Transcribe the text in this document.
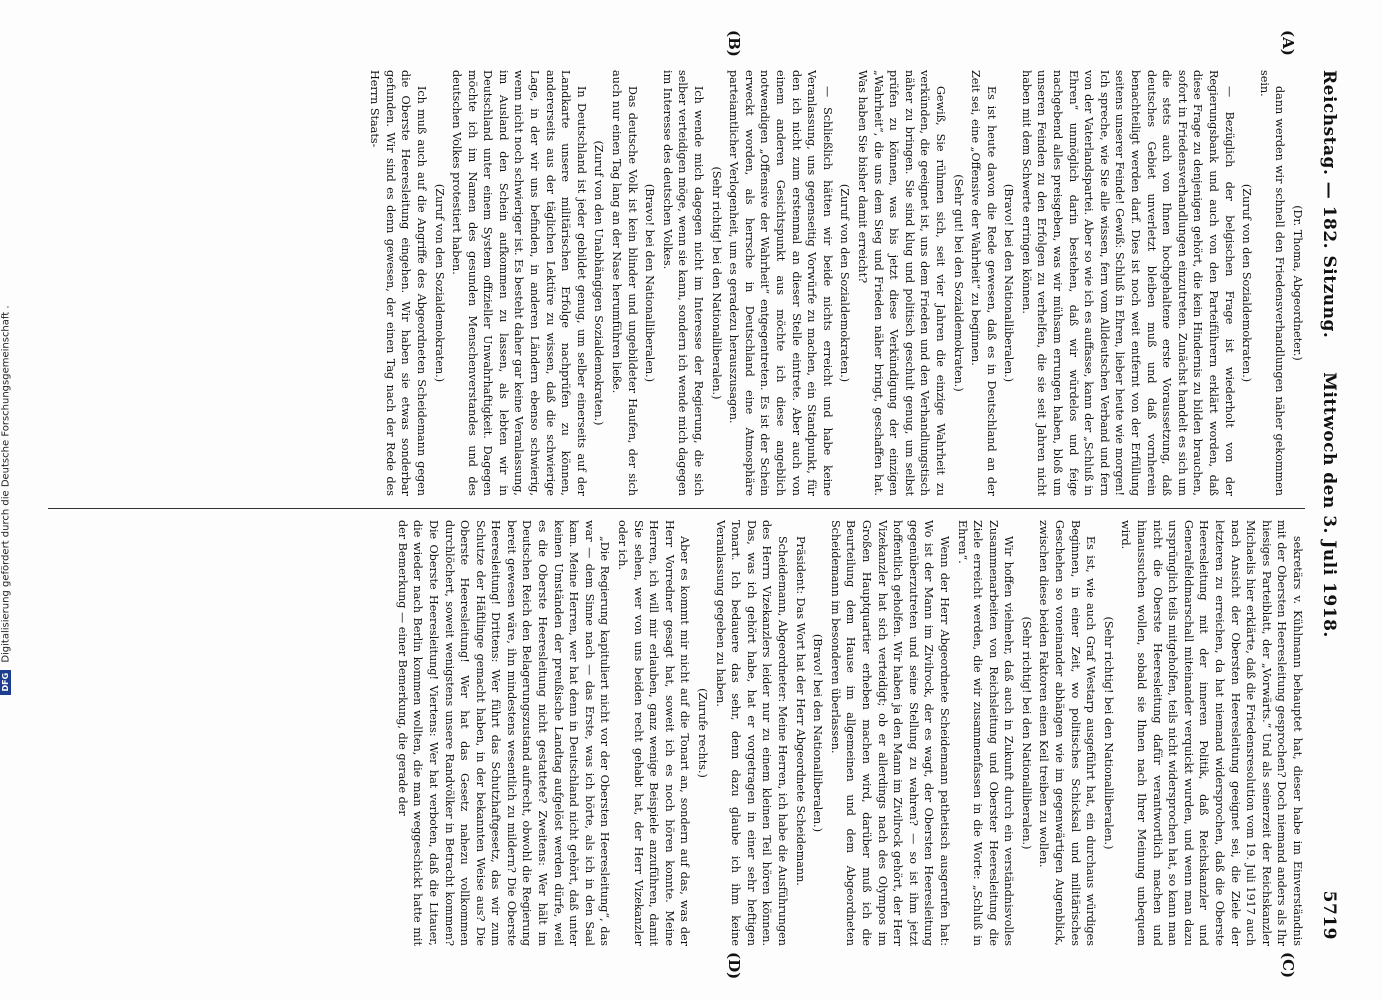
Reichstag. — 182. Sitzung.
Mittwoch den 3. Juli 1918.
5719
(A)
(B)
(C)
(D)

(Dr. Thoma, Abgeordneter.)

dann werden wir schnell den Friedensverhandlungen näher gekommen sein.

(Zuruf von den Sozialdemokraten.)

— Bezüglich der belgischen Frage ist wiederholt von der Regierungsbank und auch von den Parteiführern erklärt worden, daß diese Frage zu denjenigen gehört, die kein Hindernis zu bilden brauchen, sofort in Friedensverhandlungen einzutreten. Zunächst handelt es sich um die stets auch von Ihnen hochgehaltene erste Voraussetzung, daß deutsches Gebiet unverletzt bleiben muß und daß vornherein benachteiligt werden darf. Dies ist noch weit entfernt von der Erfüllung seitens unserer Feinde! Gewiß: Schluß in Ehren, lieber heute wie morgen! Ich spreche, wie Sie alle wissen, fern vom Alldeutschen Verband und fern von der Vaterlandspartei. Aber so wie ich es auffasse, kann der „Schluß in Ehren“ unmöglich darin bestehen, daß wir würdelos und feige nachgebend alles preisgeben, was wir mühsam errungen haben, bloß um unseren Feinden zu den Erfolgen zu verhelfen, die sie seit Jahren nicht haben mit dem Schwerte erringen können.

(Bravo! bei den Nationalliberalen.)

Es ist heute davon die Rede gewesen, daß es in Deutschland an der Zeit sei, eine „Offensive der Wahrheit“ zu beginnen.

(Sehr gut! bei den Sozialdemokraten.)

Gewiß, Sie rühmen sich, seit vier Jahren die einzige Wahrheit zu verkünden, die geeignet ist, uns dem Frieden und den Verhandlungstisch näher zu bringen. Sie sind klug und politisch geschult genug, um selbst prüfen zu können, was bis jetzt diese Verkündigung der einzigen „Wahrheit“, die uns dem Sieg und Frieden näher bringt, geschaffen hat. Was haben Sie bisher damit erreicht?

(Zuruf von den Sozialdemokraten.)

— Schließlich hätten wir beide nichts erreicht und habe keine Veranlassung, uns gegenseitig Vorwürfe zu machen, ein Standpunkt, für den ich nicht zum erstenmal an dieser Stelle eintrete. Aber auch von einem anderen Gesichtspunkt aus möchte ich diese angeblich notwendigen „Offensive der Wahrheit“ entgegentreten. Es ist der Schein erweckt worden, als herrsche in Deutschland eine Atmosphäre parteiamtlicher Verlogenheit, um es geradezu herauszusagen.

(Sehr richtig! bei den Nationalliberalen.)

Ich wende mich dagegen nicht im Interesse der Regierung, die sich selber verteidigen möge, wenn sie kann, sondern ich wende mich dagegen im Interesse des deutschen Volkes.

(Bravo! bei den Nationalliberalen.)

Das deutsche Volk ist kein blinder und ungebildeter Haufen, der sich auch nur einen Tag lang an der Nase herumführen ließe.

(Zuruf von den Unabhängigen Sozialdemokraten.)

In Deutschland ist jeder gebildet genug, um selber einerseits auf der Landkarte unsere militärischen Erfolge nachprüfen zu können, andererseits aus der täglichen Lektüre zu wissen, daß die schwierige Lage, in der wir uns befinden, in anderen Ländern ebenso schwierig, wenn nicht noch schwieriger ist. Es besteht daher gar keine Veranlassung, im Ausland den Schein aufkommen zu lassen, als lebten wir in Deutschland unter einem System offizieller Unwahrhaftigkeit. Dagegen möchte ich im Namen des gesunden Menschenverstandes und des deutschen Volkes protestiert haben.

(Zuruf von den Sozialdemokraten.)

Ich muß auch auf die Angriffe des Abgeordneten Scheidemann gegen die Oberste Heeresleitung eingehen. Wir haben sie etwas sonderbar gefunden. Wir sind es denn gewesen, der einen Tag nach der Rede des Herrn Staats-

sekretärs v. Kühlmann behauptet hat, dieser habe im Einverständnis mit der Obersten Heeresleitung gesprochen? Doch niemand anders als Ihr hiesiges Parteiblatt, der „Vorwärts.“ Und als seinerzeit der Reichskanzler Michaelis hier erklärte, daß die Friedensresolution vom 19. Juli 1917 auch nach Ansicht der Obersten Heeresleitung geeignet sei, die Ziele der letzteren zu erreichen, da hat niemand widersprochen, daß die Oberste Heeresleitung mit der inneren Politik, daß Reichskanzler und Generalfeldmarschall miteinander verquickt wurden, und wenn man dazu ursprünglich teils mitgeholfen, teils nicht widersprochen hat, so kann man nicht die Oberste Heeresleitung dafür verantwortlich machen und hinaussuchen wollen, sobald sie Ihnen nach Ihrer Meinung unbequem wird.

(Sehr richtig! bei den Nationalliberalen.)

Es ist, wie auch Graf Westarp ausgeführt hat, ein durchaus würdiges Beginnen, in einer Zeit, wo politisches Schicksal und militärisches Geschehen so voneinander abhängen wie im gegenwärtigen Augenblick, zwischen diese beiden Faktoren einen Keil treiben zu wollen.

(Sehr richtig! bei den Nationalliberalen.)

Wir hoffen vielmehr, daß auch in Zukunft durch ein verständnisvolles Zusammenarbeiten von Reichsleitung und Oberster Heeresleitung die Ziele erreicht werden, die wir zusammenfassen in die Worte: „Schluß in Ehren“.

Wenn der Herr Abgeordnete Scheidemann pathetisch ausgerufen hat: Wo ist der Mann im Zivilrock, der es wagt, der Obersten Heeresleitung gegenüberzutreten und seine Stellung zu wahren? — so ist ihm jetzt hoffentlich geholfen. Wir haben ja den Mann im Zivilrock gehört, der Herr Vizekanzler hat sich verteidigt; ob er allerdings nach des Olympos im Großen Hauptquartier erheben machen wird, darüber muß ich die Beurteilung dem Hause im allgemeinen und dem Abgeordneten Scheidemann im besonderen überlassen.

(Bravo! bei den Nationalliberalen.)

Präsident: Das Wort hat der Herr Abgeordnete Scheidemann.

Scheidemann, Abgeordneter: Meine Herren, ich habe die Ausführungen des Herrn Vizekanzlers leider nur zu einem kleinen Teil hören können. Das, was ich gehört habe, hat er vorgetragen in einer sehr heftigen Tonart. Ich bedauere das sehr, denn dazu glaube ich ihm keine Veranlassung gegeben zu haben.

(Zurufe rechts.)

Aber es kommt mir nicht auf die Tonart an, sondern auf das, was der Herr Vorredner gesagt hat, soweit ich es noch hören konnte. Meine Herren, ich will mir erlauben, ganz wenige Beispiele anzuführen, damit Sie sehen, wer von uns beiden recht gehabt hat, der Herr Vizekanzler oder ich.

„Die Regierung kapituliert nicht vor der Obersten Heeresleitung“, das war — dem Sinne nach — das Erste, was ich hörte, als ich in den Saal kam. Meine Herren, wer hat denn in Deutschland nicht gehört, daß unter keinen Umständen der preußische Landtag aufgelöst werden dürfe, weil es die Oberste Heeresleitung nicht gestattete? Zweitens: Wer hält im Deutschen Reich den Belagerungszustand aufrecht, obwohl die Regierung bereit gewesen wäre, ihn mindestens wesentlich zu mildern? Die Oberste Heeresleitung! Drittens: Wer führt das Schutzhaftgesetz, das wir zum Schutze der Häftlinge gemacht haben, in der bekannten Weise aus? Die Oberste Heeresleitung! Wer hat das Gesetz nahezu vollkommen durchlöchert, soweit wenigstens unsere Randvölker in Betracht kommen? Die Oberste Heeresleitung! Viertens: Wer hat verboten, daß die Litauer, die wieder nach Berlin kommen wollten, die man weggeschickt hatte mit der Bemerkung — einer Bemerkung, die gerade der

DFG Digitalisierung gefördert durch die Deutsche Forschungsgemeinschaft .
